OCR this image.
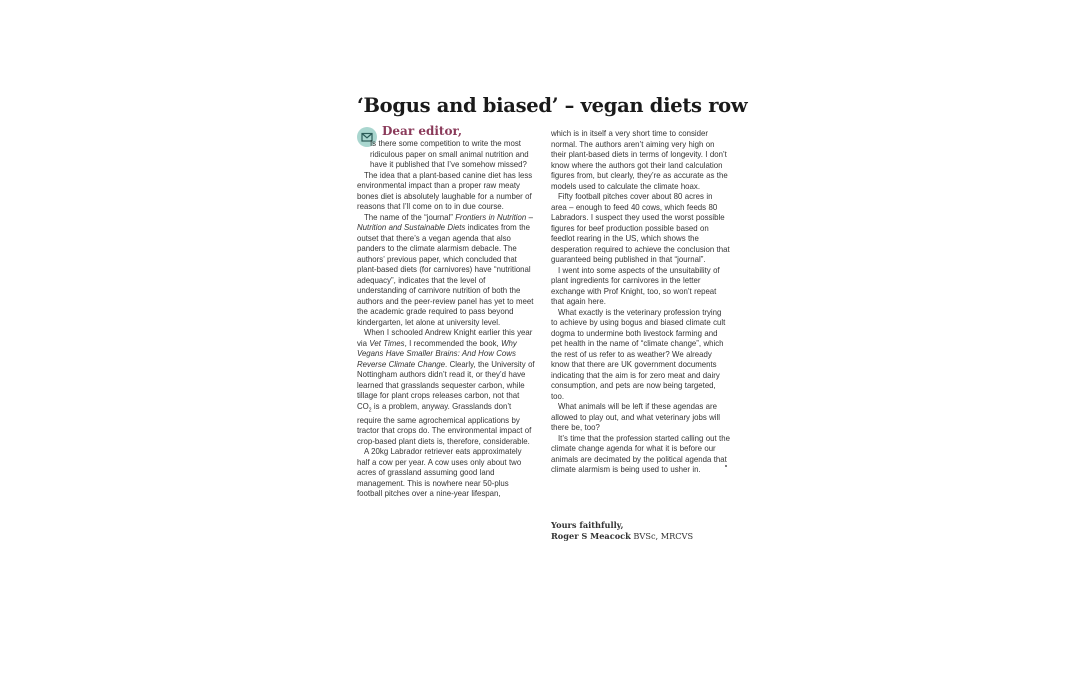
‘Bogus and biased’ – vegan diets row
Dear editor,

Is there some competition to write the most ridiculous paper on small animal nutrition and have it published that I’ve somehow missed?

The idea that a plant-based canine diet has less environmental impact than a proper raw meaty bones diet is absolutely laughable for a number of reasons that I’ll come on to in due course.

The name of the “journal” Frontiers in Nutrition – Nutrition and Sustainable Diets indicates from the outset that there’s a vegan agenda that also panders to the climate alarmism debacle. The authors’ previous paper, which concluded that plant-based diets (for carnivores) have “nutritional adequacy”, indicates that the level of understanding of carnivore nutrition of both the authors and the peer-review panel has yet to meet the academic grade required to pass beyond kindergarten, let alone at university level.

When I schooled Andrew Knight earlier this year via Vet Times, I recommended the book, Why Vegans Have Smaller Brains: And How Cows Reverse Climate Change. Clearly, the University of Nottingham authors didn’t read it, or they’d have learned that grasslands sequester carbon, while tillage for plant crops releases carbon, not that $CO_2$ is a problem, anyway. Grasslands don’t require the same agrochemical applications by tractor that crops do. The environmental impact of crop-based plant diets is, therefore, considerable.

A 20kg Labrador retriever eats approximately half a cow per year. A cow uses only about two acres of grassland assuming good land management. This is nowhere near 50-plus football pitches over a nine-year lifespan,

which is in itself a very short time to consider normal. The authors aren’t aiming very high on their plant-based diets in terms of longevity. I don’t know where the authors got their land calculation figures from, but clearly, they’re as accurate as the models used to calculate the climate hoax.

Fifty football pitches cover about 80 acres in area – enough to feed 40 cows, which feeds 80 Labradors. I suspect they used the worst possible figures for beef production possible based on feedlot rearing in the US, which shows the desperation required to achieve the conclusion that guaranteed being published in that “journal”.

I went into some aspects of the unsuitability of plant ingredients for carnivores in the letter exchange with Prof Knight, too, so won’t repeat that again here.

What exactly is the veterinary profession trying to achieve by using bogus and biased climate cult dogma to undermine both livestock farming and pet health in the name of “climate change”, which the rest of us refer to as weather? We already know that there are UK government documents indicating that the aim is for zero meat and dairy consumption, and pets are now being targeted, too.

What animals will be left if these agendas are allowed to play out, and what veterinary jobs will there be, too?

It’s time that the profession started calling out the climate change agenda for what it is before our animals are decimated by the political agenda that climate alarmism is being used to usher in.

Yours faithfully,
Roger S Meacock BVSc, MRCVS
